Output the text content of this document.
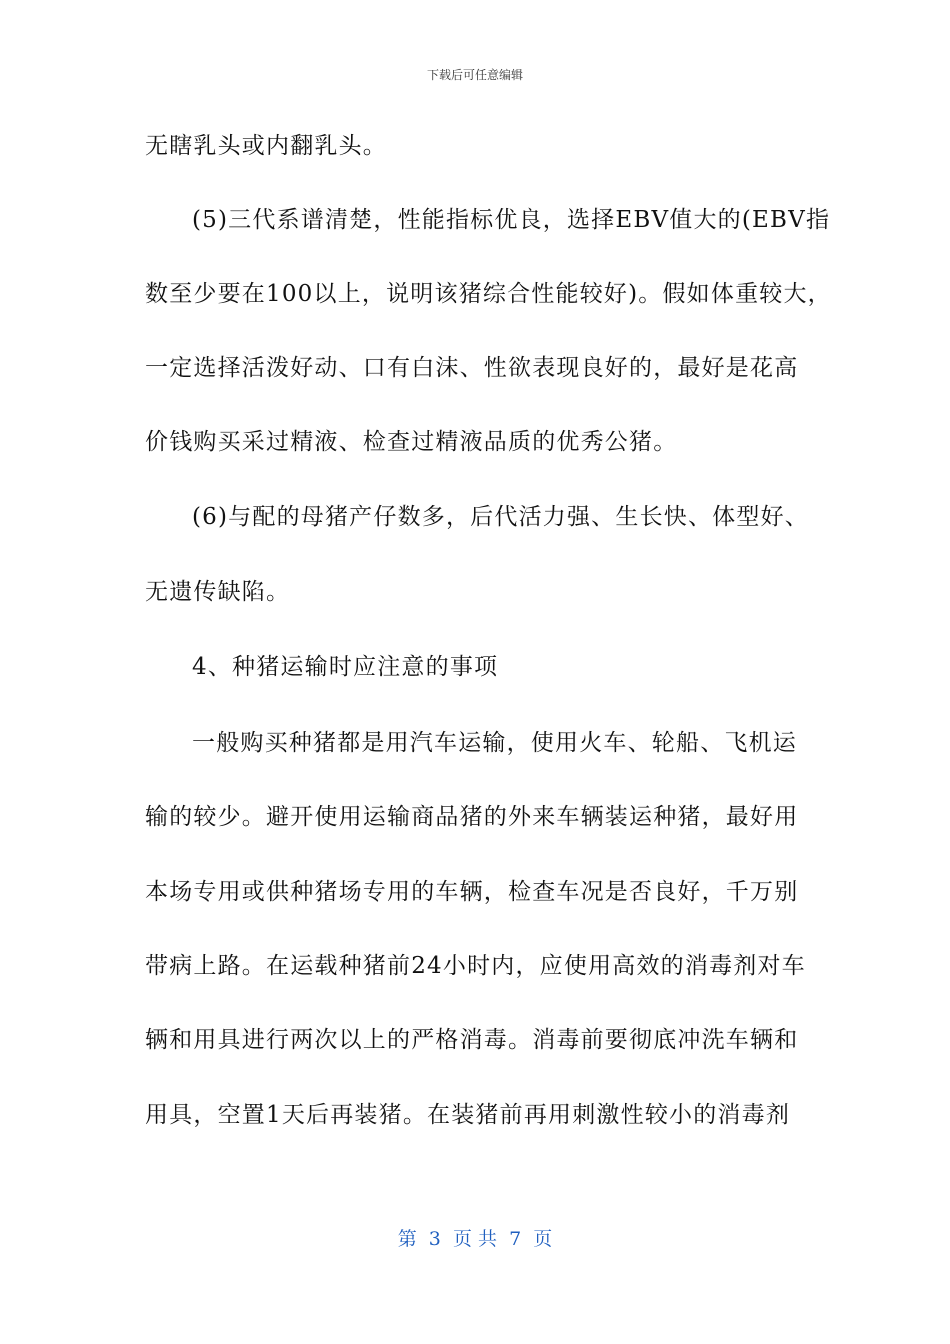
下载后可任意编辑
无瞎乳头或内翻乳头。
(5)三代系谱清楚，性能指标优良，选择EBV值大的(EBV指
数至少要在100以上，说明该猪综合性能较好)。假如体重较大，
一定选择活泼好动、口有白沫、性欲表现良好的，最好是花高
价钱购买采过精液、检查过精液品质的优秀公猪。
(6)与配的母猪产仔数多，后代活力强、生长快、体型好、
无遗传缺陷。
4、种猪运输时应注意的事项
一般购买种猪都是用汽车运输，使用火车、轮船、飞机运
输的较少。避开使用运输商品猪的外来车辆装运种猪，最好用
本场专用或供种猪场专用的车辆，检查车况是否良好，千万别
带病上路。在运载种猪前24小时内，应使用高效的消毒剂对车
辆和用具进行两次以上的严格消毒。消毒前要彻底冲洗车辆和
用具，空置1天后再装猪。在装猪前再用刺激性较小的消毒剂
第  3  页 共  7  页
